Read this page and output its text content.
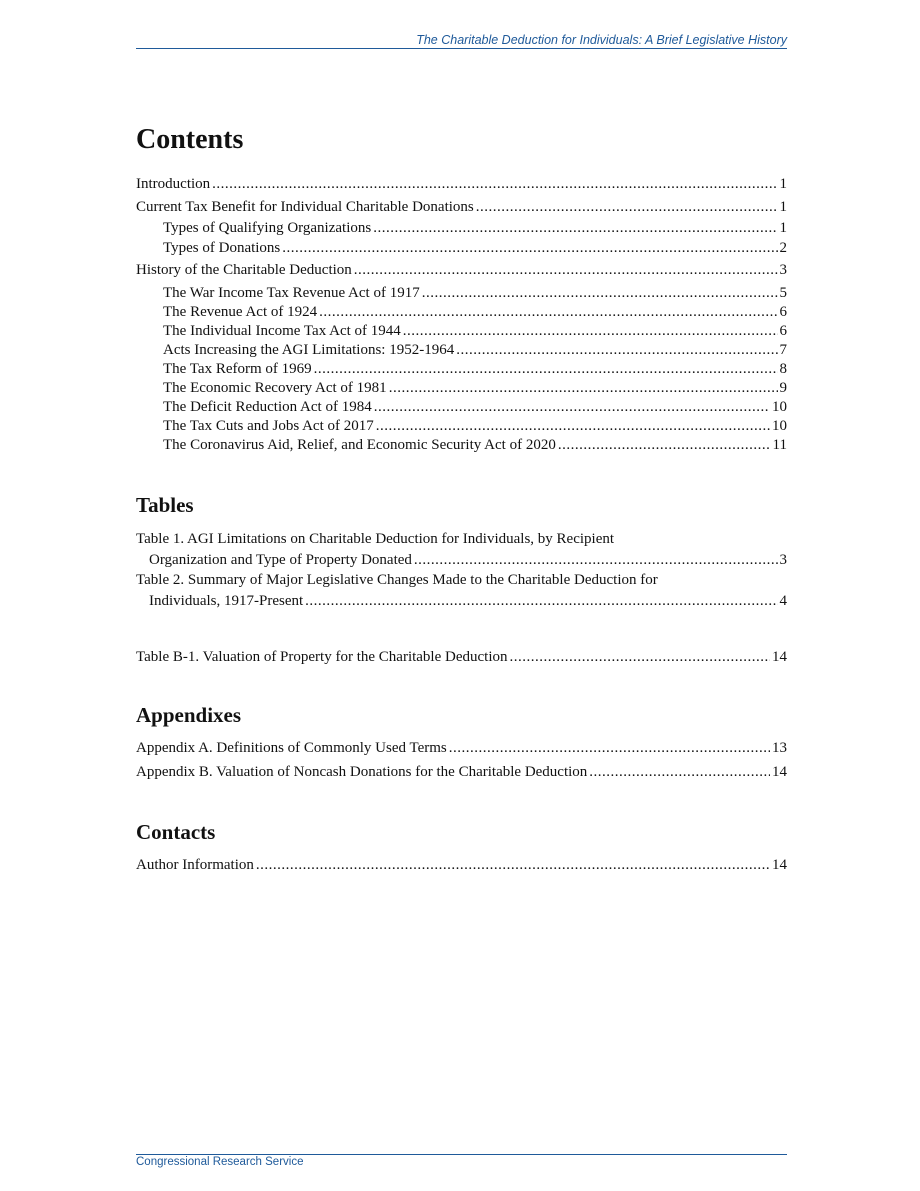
The Charitable Deduction for Individuals: A Brief Legislative History
Contents
Introduction .....	1
Current Tax Benefit for Individual Charitable Donations .....	1
Types of Qualifying Organizations .....	1
Types of Donations .....	2
History of the Charitable Deduction .....	3
The War Income Tax Revenue Act of 1917 .....	5
The Revenue Act of 1924 .....	6
The Individual Income Tax Act of 1944 .....	6
Acts Increasing the AGI Limitations: 1952-1964 .....	7
The Tax Reform of 1969 .....	8
The Economic Recovery Act of 1981 .....	9
The Deficit Reduction Act of 1984 .....	10
The Tax Cuts and Jobs Act of 2017 .....	10
The Coronavirus Aid, Relief, and Economic Security Act of 2020 .....	11
Tables
Table 1. AGI Limitations on Charitable Deduction for Individuals, by Recipient
Organization and Type of Property Donated .....	3
Table 2. Summary of Major Legislative Changes Made to the Charitable Deduction for
Individuals, 1917-Present .....	4
Table B-1. Valuation of Property for the Charitable Deduction .....	14
Appendixes
Appendix A. Definitions of Commonly Used Terms .....	13
Appendix B. Valuation of Noncash Donations for the Charitable Deduction .....	14
Contacts
Author Information .....	14
Congressional Research Service
